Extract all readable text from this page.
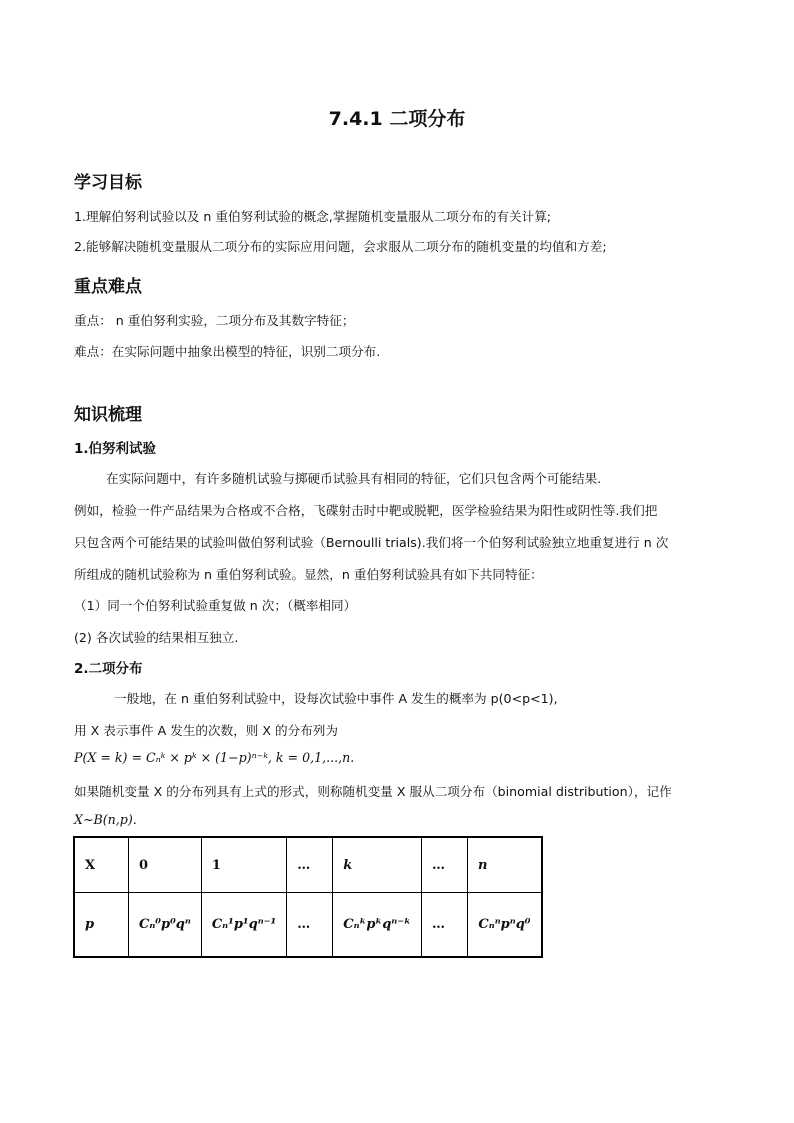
7.4.1 二项分布
学习目标
1.理解伯努利试验以及 n 重伯努利试验的概念,掌握随机变量服从二项分布的有关计算;
2.能够解决随机变量服从二项分布的实际应用问题，会求服从二项分布的随机变量的均值和方差;
重点难点
重点： n 重伯努利实验，二项分布及其数字特征；
难点：在实际问题中抽象出模型的特征，识别二项分布.
知识梳理
1.伯努利试验
在实际问题中，有许多随机试验与掷硬币试验具有相同的特征，它们只包含两个可能结果.
例如，检验一件产品结果为合格或不合格，飞碟射击时中靶或脱靶，医学检验结果为阳性或阴性等.我们把
只包含两个可能结果的试验叫做伯努利试验（Bernoulli trials).我们将一个伯努利试验独立地重复进行 n 次
所组成的随机试验称为 n 重伯努利试验。显然，n 重伯努利试验具有如下共同特征：
（1）同一个伯努利试验重复做 n 次；（概率相同）
(2) 各次试验的结果相互独立.
2.二项分布
一般地，在 n 重伯努利试验中，设每次试验中事件 A 发生的概率为 p(0<p<1),
用 X 表示事件 A 发生的次数，则 X 的分布列为
P(X = k) = Cₙᵏ × pᵏ × (1−p)ⁿ⁻ᵏ, k = 0,1,...,n.
如果随机变量 X 的分布列具有上式的形式，则称随机变量 X 服从二项分布（binomial distribution），记作
X~B(n,p).
X	0	1	…	k	…	n
p	Cₙ⁰p⁰qⁿ	Cₙ¹p¹qⁿ⁻¹	…	Cₙᵏpᵏqⁿ⁻ᵏ	…	Cₙⁿpⁿq⁰
